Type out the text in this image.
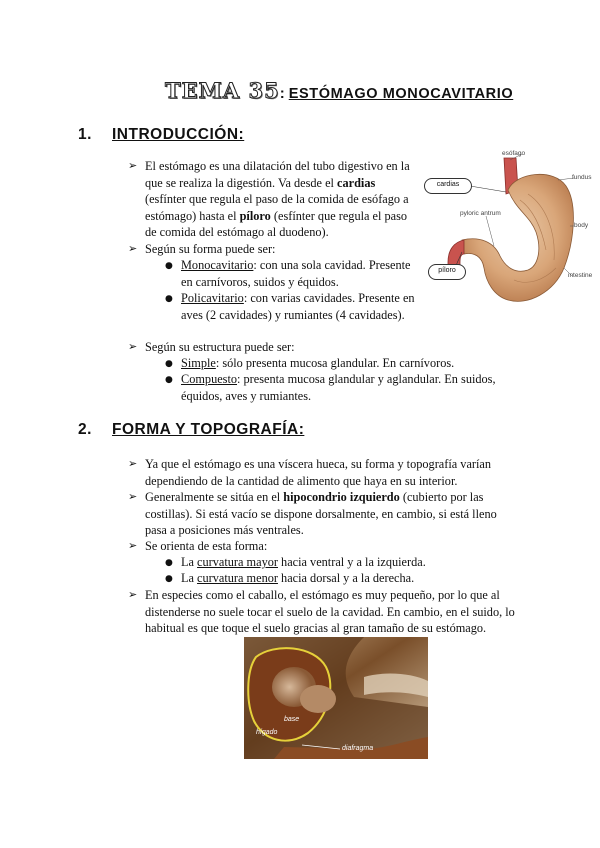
TEMA 35: ESTÓMAGO MONOCAVITARIO
1. INTRODUCCIÓN:
➢ El estómago es una dilatación del tubo digestivo en la que se realiza la digestión. Va desde el cardias (esfínter que regula el paso de la comida de esófago a estómago) hasta el píloro (esfínter que regula el paso de comida del estómago al duodeno).
➢ Según su forma puede ser:
● Monocavitario: con una sola cavidad. Presente en carnívoros, suidos y équidos.
● Policavitario: con varias cavidades. Presente en aves (2 cavidades) y rumiantes (4 cavidades).
➢ Según su estructura puede ser:
● Simple: sólo presenta mucosa glandular. En carnívoros.
● Compuesto: presenta mucosa glandular y aglandular. En suidos, équidos, aves y rumiantes.
esófago
fundus
cardias
pyloric antrum
body
píloro
intestine
2. FORMA Y TOPOGRAFÍA:
➢ Ya que el estómago es una víscera hueca, su forma y topografía varían dependiendo de la cantidad de alimento que haya en su interior.
➢ Generalmente se sitúa en el hipocondrio izquierdo (cubierto por las costillas). Si está vacío se dispone dorsalmente, en cambio, si está lleno pasa a posiciones más ventrales.
➢ Se orienta de esta forma:
● La curvatura mayor hacia ventral y a la izquierda.
● La curvatura menor hacia dorsal y a la derecha.
➢ En especies como el caballo, el estómago es muy pequeño, por lo que al distenderse no suele tocar el suelo de la cavidad. En cambio, en el suido, lo habitual es que toque el suelo gracias al gran tamaño de su estómago.
base
hígado
diafragma
